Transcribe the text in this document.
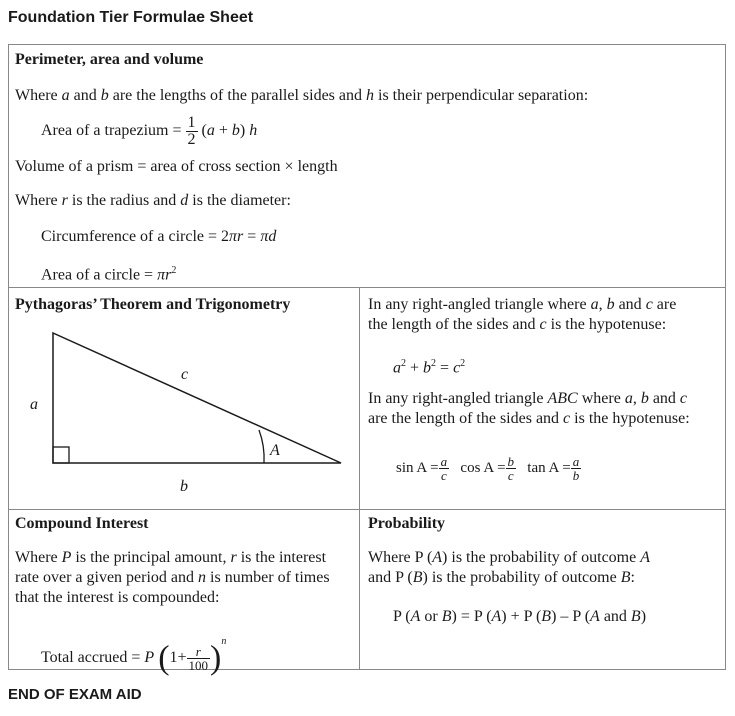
Foundation Tier Formulae Sheet
Perimeter, area and volume
Where a and b are the lengths of the parallel sides and h is their perpendicular separation:
Area of a trapezium = $\frac{1}{2} (a + b)$ h
Volume of a prism = area of cross section × length
Where r is the radius and d is the diameter:
Circumference of a circle = 2πr = πd
Area of a circle = $\pi r^2$
Pythagoras’ Theorem and Trigonometry
a
c
b
A
In any right-angled triangle where a, b and c are
the length of the sides and c is the hypotenuse:
$a^2 + b^2 = c^2$
In any right-angled triangle ABC where a, b and c
are the length of the sides and c is the hypotenuse:
$\sin A = \frac{a}{c}$ $\cos A = \frac{b}{c}$ $\tan A = \frac{a}{b}$
Compound Interest
Where P is the principal amount, r is the interest
rate over a given period and n is number of times
that the interest is compounded:
Total accrued = P $(1+ \frac{r}{100} )^n$
Probability
Where P (A) is the probability of outcome A
and P (B) is the probability of outcome B:
P (A or B) = P (A) + P (B) – P (A and B)
END OF EXAM AID
